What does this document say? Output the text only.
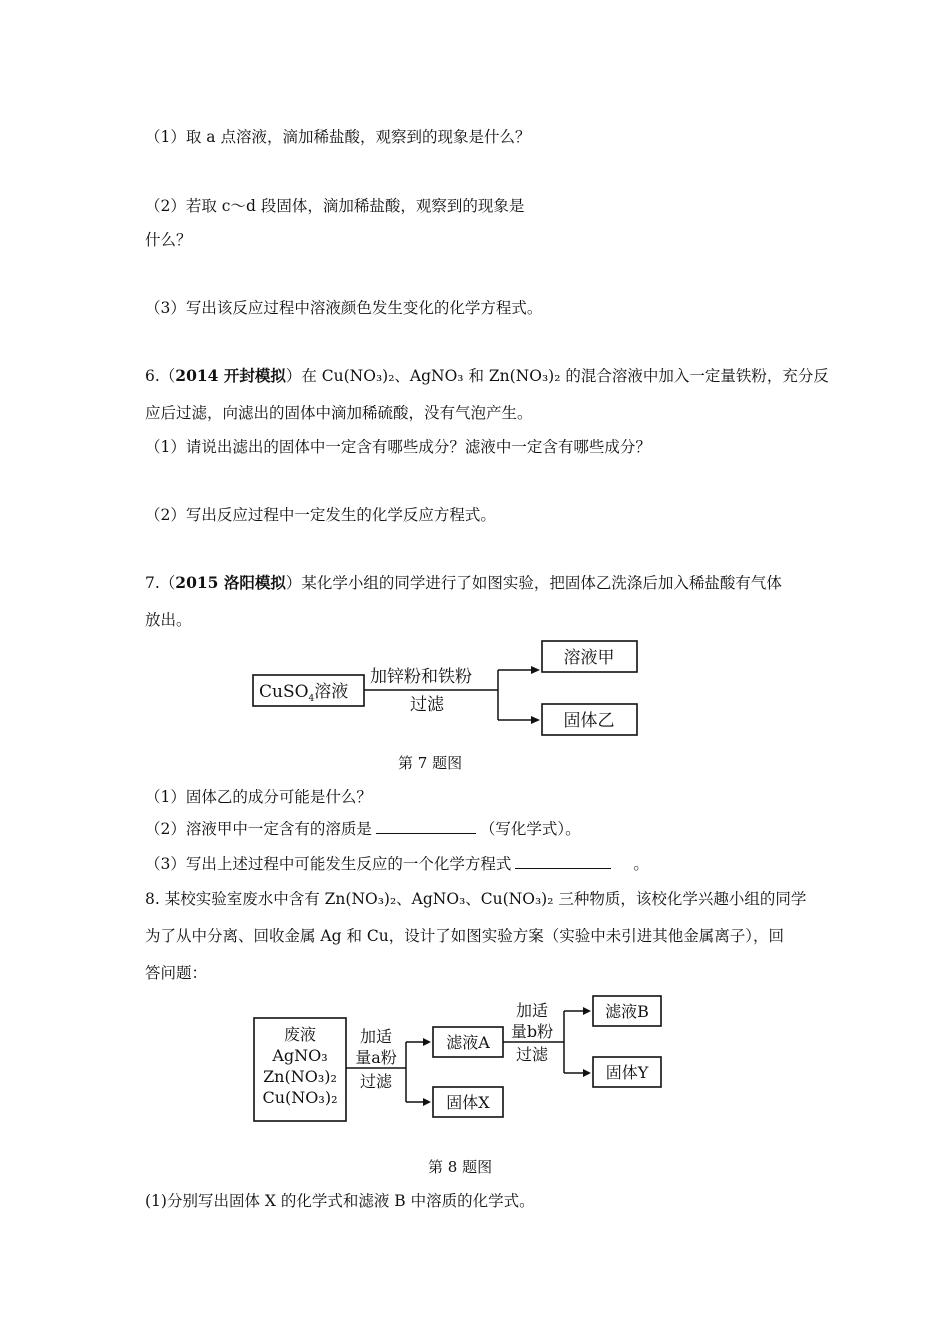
（1）取 a 点溶液，滴加稀盐酸，观察到的现象是什么？
（2）若取 c～d 段固体，滴加稀盐酸，观察到的现象是
什么？
（3）写出该反应过程中溶液颜色发生变化的化学方程式。
6.（2014 开封模拟）在 Cu(NO₃)₂、AgNO₃ 和 Zn(NO₃)₂ 的混合溶液中加入一定量铁粉，充分反
应后过滤，向滤出的固体中滴加稀硫酸，没有气泡产生。
（1）请说出滤出的固体中一定含有哪些成分？滤液中一定含有哪些成分？
（2）写出反应过程中一定发生的化学反应方程式。
7.（2015 洛阳模拟）某化学小组的同学进行了如图实验，把固体乙洗涤后加入稀盐酸有气体
放出。
CuSO$_4$溶液
加锌粉和铁粉
过滤
溶液甲
固体乙
第 7 题图
（1）固体乙的成分可能是什么？
（2）溶液甲中一定含有的溶质是	（写化学式）。
（3）写出上述过程中可能发生反应的一个化学方程式	。
8. 某校实验室废水中含有 Zn(NO₃)₂、AgNO₃、Cu(NO₃)₂ 三种物质，该校化学兴趣小组的同学
为了从中分离、回收金属 Ag 和 Cu，设计了如图实验方案（实验中未引进其他金属离子），回
答问题：
废液
AgNO₃
Zn(NO₃)₂
Cu(NO₃)₂
加适
量a粉
过滤
滤液A
固体X
加适
量b粉
过滤
滤液B
固体Y
第 8 题图
(1)分别写出固体 X 的化学式和滤液 B 中溶质的化学式。
